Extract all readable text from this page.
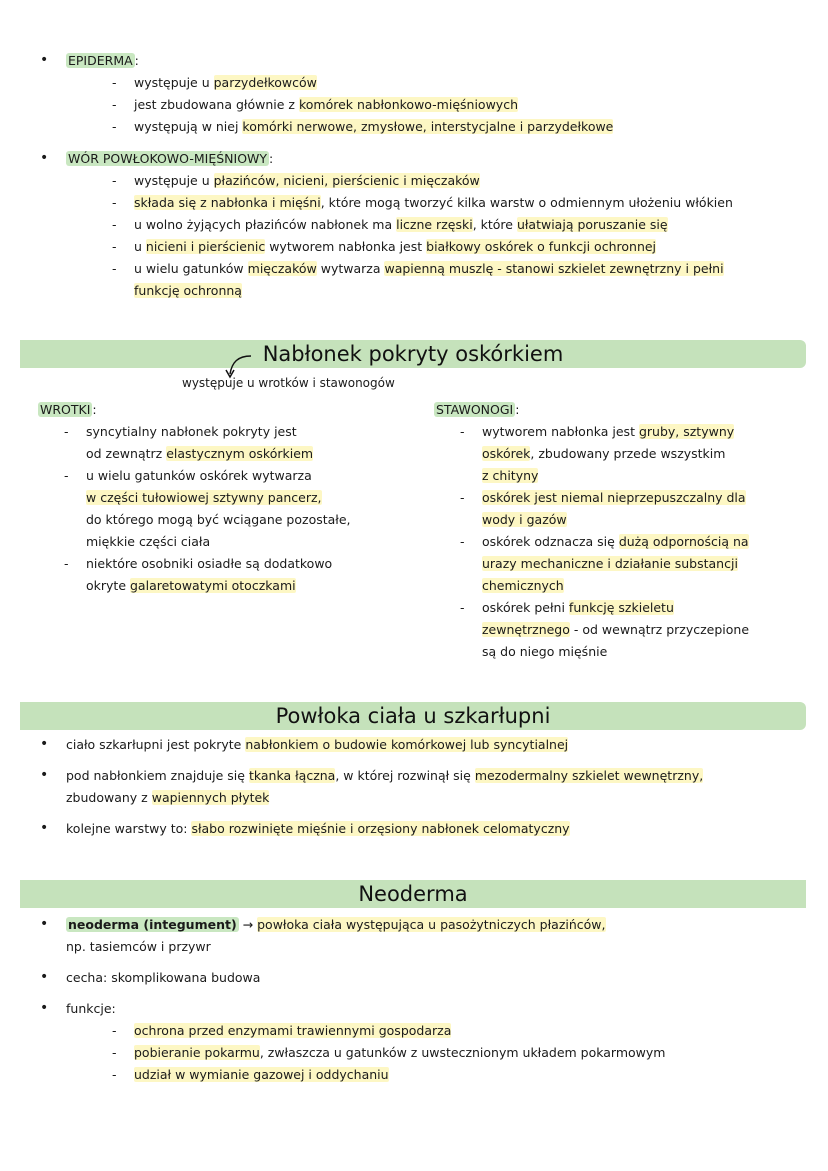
• EPIDERMA :
- występuje u parzydełkowców
- jest zbudowana głównie z komórek nabłonkowo-mięśniowych
- występują w niej komórki nerwowe, zmysłowe, interstycjalne i parzydełkowe
• WÓR POWŁOKOWO-MIĘŚNIOWY :
- występuje u płazińców, nicieni, pierścienic i mięczaków
- składa się z nabłonka i mięśni, które mogą tworzyć kilka warstw o odmiennym ułożeniu włókien
- u wolno żyjących płazińców nabłonek ma liczne rzęski, które ułatwiają poruszanie się
- u nicieni i pierścienic wytworem nabłonka jest białkowy oskórek o funkcji ochronnej
- u wielu gatunków mięczaków wytwarza wapienną muszlę - stanowi szkielet zewnętrzny i pełni
funkcję ochronną
Nabłonek pokryty oskórkiem
występuje u wrotków i stawonogów
WROTKI :
- syncytialny nabłonek pokryty jest
od zewnątrz elastycznym oskórkiem
- u wielu gatunków oskórek wytwarza
w części tułowiowej sztywny pancerz,
do którego mogą być wciągane pozostałe,
miękkie części ciała
- niektóre osobniki osiadłe są dodatkowo
okryte galaretowatymi otoczkami
STAWONOGI :
- wytworem nabłonka jest gruby, sztywny
oskórek, zbudowany przede wszystkim
z chityny
- oskórek jest niemal nieprzepuszczalny dla
wody i gazów
- oskórek odznacza się dużą odpornością na
urazy mechaniczne i działanie substancji
chemicznych
- oskórek pełni funkcję szkieletu
zewnętrznego - od wewnątrz przyczepione
są do niego mięśnie
Powłoka ciała u szkarłupni
• ciało szkarłupni jest pokryte nabłonkiem o budowie komórkowej lub syncytialnej
• pod nabłonkiem znajduje się tkanka łączna, w której rozwinął się mezodermalny szkielet wewnętrzny,
zbudowany z wapiennych płytek
• kolejne warstwy to: słabo rozwinięte mięśnie i orzęsiony nabłonek celomatyczny
Neoderma
• neoderma (integument) → powłoka ciała występująca u pasożytniczych płazińców,
np. tasiemców i przywr
• cecha: skomplikowana budowa
• funkcje:
- ochrona przed enzymami trawiennymi gospodarza
- pobieranie pokarmu, zwłaszcza u gatunków z uwstecznionym układem pokarmowym
- udział w wymianie gazowej i oddychaniu
